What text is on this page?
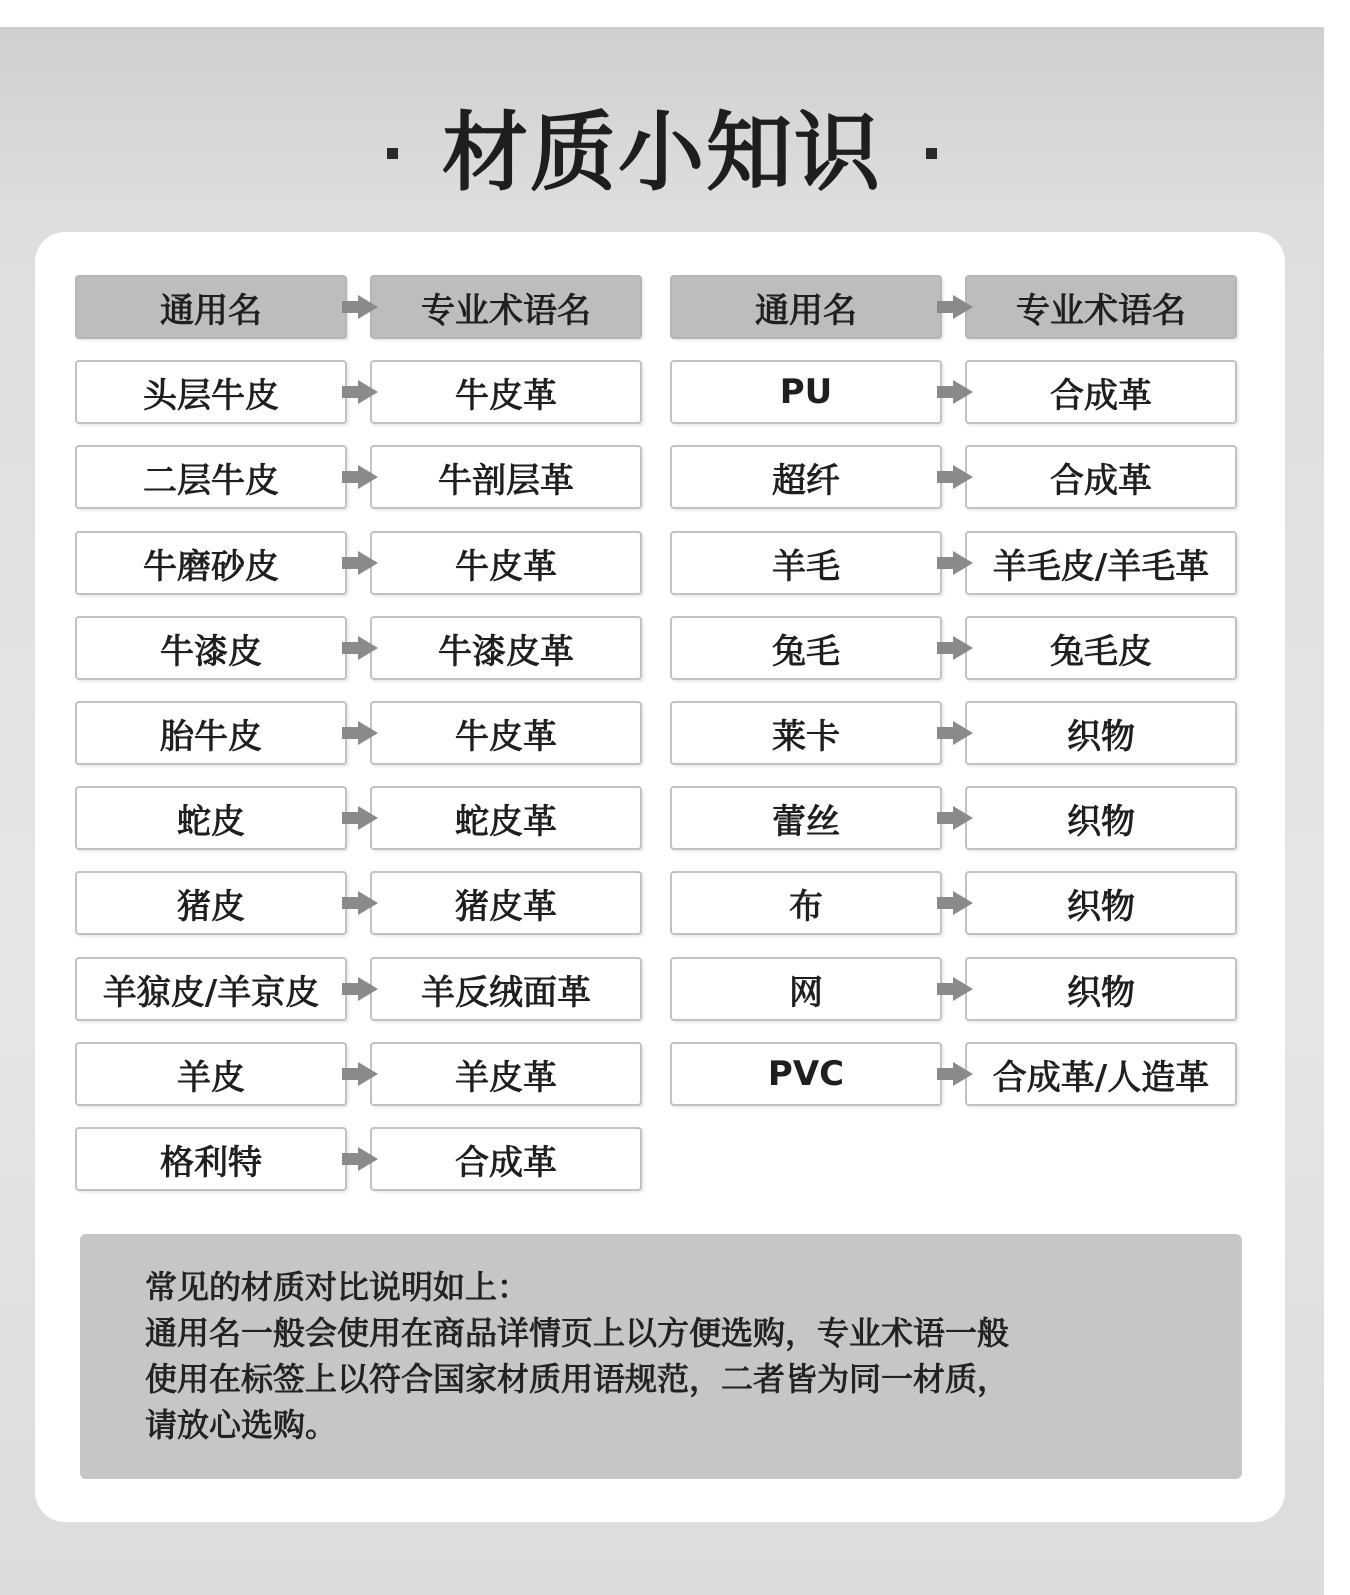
材质小知识
通用名	专业术语名
头层牛皮	牛皮革
二层牛皮	牛剖层革
牛磨砂皮	牛皮革
牛漆皮	牛漆皮革
胎牛皮	牛皮革
蛇皮	蛇皮革
猪皮	猪皮革
羊猄皮/羊京皮	羊反绒面革
羊皮	羊皮革
格利特	合成革
通用名	专业术语名
PU	合成革
超纤	合成革
羊毛	羊毛皮/羊毛革
兔毛	兔毛皮
莱卡	织物
蕾丝	织物
布	织物
网	织物
PVC	合成革/人造革
常见的材质对比说明如上：
通用名一般会使用在商品详情页上以方便选购，专业术语一般
使用在标签上以符合国家材质用语规范，二者皆为同一材质，
请放心选购。
